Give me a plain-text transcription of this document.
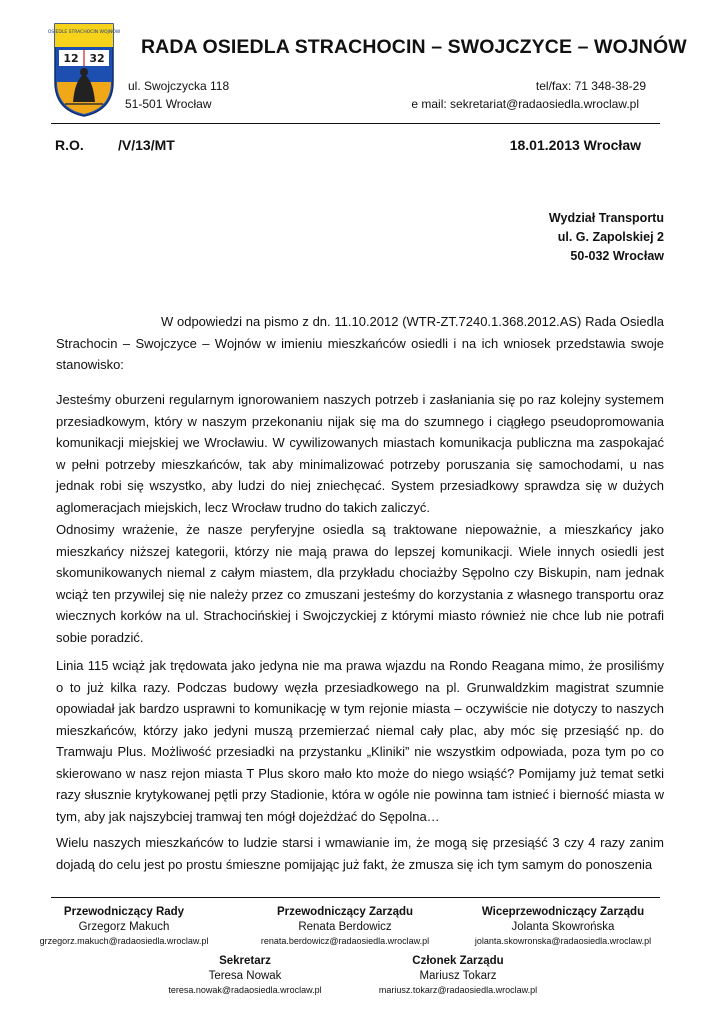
OSIEDLE STRACHOCIN WOJNÓW
12 32
RADA OSIEDLA STRACHOCIN – SWOJCZYCE – WOJNÓW
ul. Swojczycka 118
51-501 Wrocław
tel/fax: 71 348-38-29
e mail: sekretariat@radaosiedla.wroclaw.pl
R.O. /V/13/MT	18.01.2013 Wrocław
Wydział Transportu
ul. G. Zapolskiej 2
50-032 Wrocław
W odpowiedzi na pismo z dn. 11.10.2012 (WTR-ZT.7240.1.368.2012.AS) Rada Osiedla Strachocin – Swojczyce – Wojnów w imieniu mieszkańców osiedli i na ich wniosek przedstawia swoje stanowisko:
Jesteśmy oburzeni regularnym ignorowaniem naszych potrzeb i zasłaniania się po raz kolejny systemem przesiadkowym, który w naszym przekonaniu nijak się ma do szumnego i ciągłego pseudopromowania komunikacji miejskiej we Wrocławiu. W cywilizowanych miastach komunikacja publiczna ma zaspokajać w pełni potrzeby mieszkańców, tak aby minimalizować potrzeby poruszania się samochodami, u nas jednak robi się wszystko, aby ludzi do niej zniechęcać. System przesiadkowy sprawdza się w dużych aglomeracjach miejskich, lecz Wrocław trudno do takich zaliczyć.
Odnosimy wrażenie, że nasze peryferyjne osiedla są traktowane niepoważnie, a mieszkańcy jako mieszkańcy niższej kategorii, którzy nie mają prawa do lepszej komunikacji. Wiele innych osiedli jest skomunikowanych niemal z całym miastem, dla przykładu chociażby Sępolno czy Biskupin, nam jednak wciąż ten przywilej się nie należy przez co zmuszani jesteśmy do korzystania z własnego transportu oraz wiecznych korków na ul. Strachocińskiej i Swojczyckiej z którymi miasto również nie chce lub nie potrafi sobie poradzić.
Linia 115 wciąż jak trędowata jako jedyna nie ma prawa wjazdu na Rondo Reagana mimo, że prosiliśmy o to już kilka razy. Podczas budowy węzła przesiadkowego na pl. Grunwaldzkim magistrat szumnie opowiadał jak bardzo usprawni to komunikację w tym rejonie miasta – oczywiście nie dotyczy to naszych mieszkańców, którzy jako jedyni muszą przemierzać niemal cały plac, aby móc się przesiąść np. do Tramwaju Plus. Możliwość przesiadki na przystanku „Kliniki” nie wszystkim odpowiada, poza tym po co skierowano w nasz rejon miasta T Plus skoro mało kto może do niego wsiąść? Pomijamy już temat setki razy słusznie krytykowanej pętli przy Stadionie, która w ogóle nie powinna tam istnieć i bierność miasta w tym, aby jak najszybciej tramwaj ten mógł dojeżdżać do Sępolna…
Wielu naszych mieszkańców to ludzie starsi i wmawianie im, że mogą się przesiąść 3 czy 4 razy zanim dojadą do celu jest po prostu śmieszne pomijając już fakt, że zmusza się ich tym samym do ponoszenia
Przewodniczący Rady
Grzegorz Makuch
grzegorz.makuch@radaosiedla.wroclaw.pl
Przewodniczący Zarządu
Renata Berdowicz
renata.berdowicz@radaosiedla.wroclaw.pl
Wiceprzewodniczący Zarządu
Jolanta Skowrońska
jolanta.skowronska@radaosiedla.wroclaw.pl
Sekretarz
Teresa Nowak
teresa.nowak@radaosiedla.wroclaw.pl
Członek Zarządu
Mariusz Tokarz
mariusz.tokarz@radaosiedla.wroclaw.pl
